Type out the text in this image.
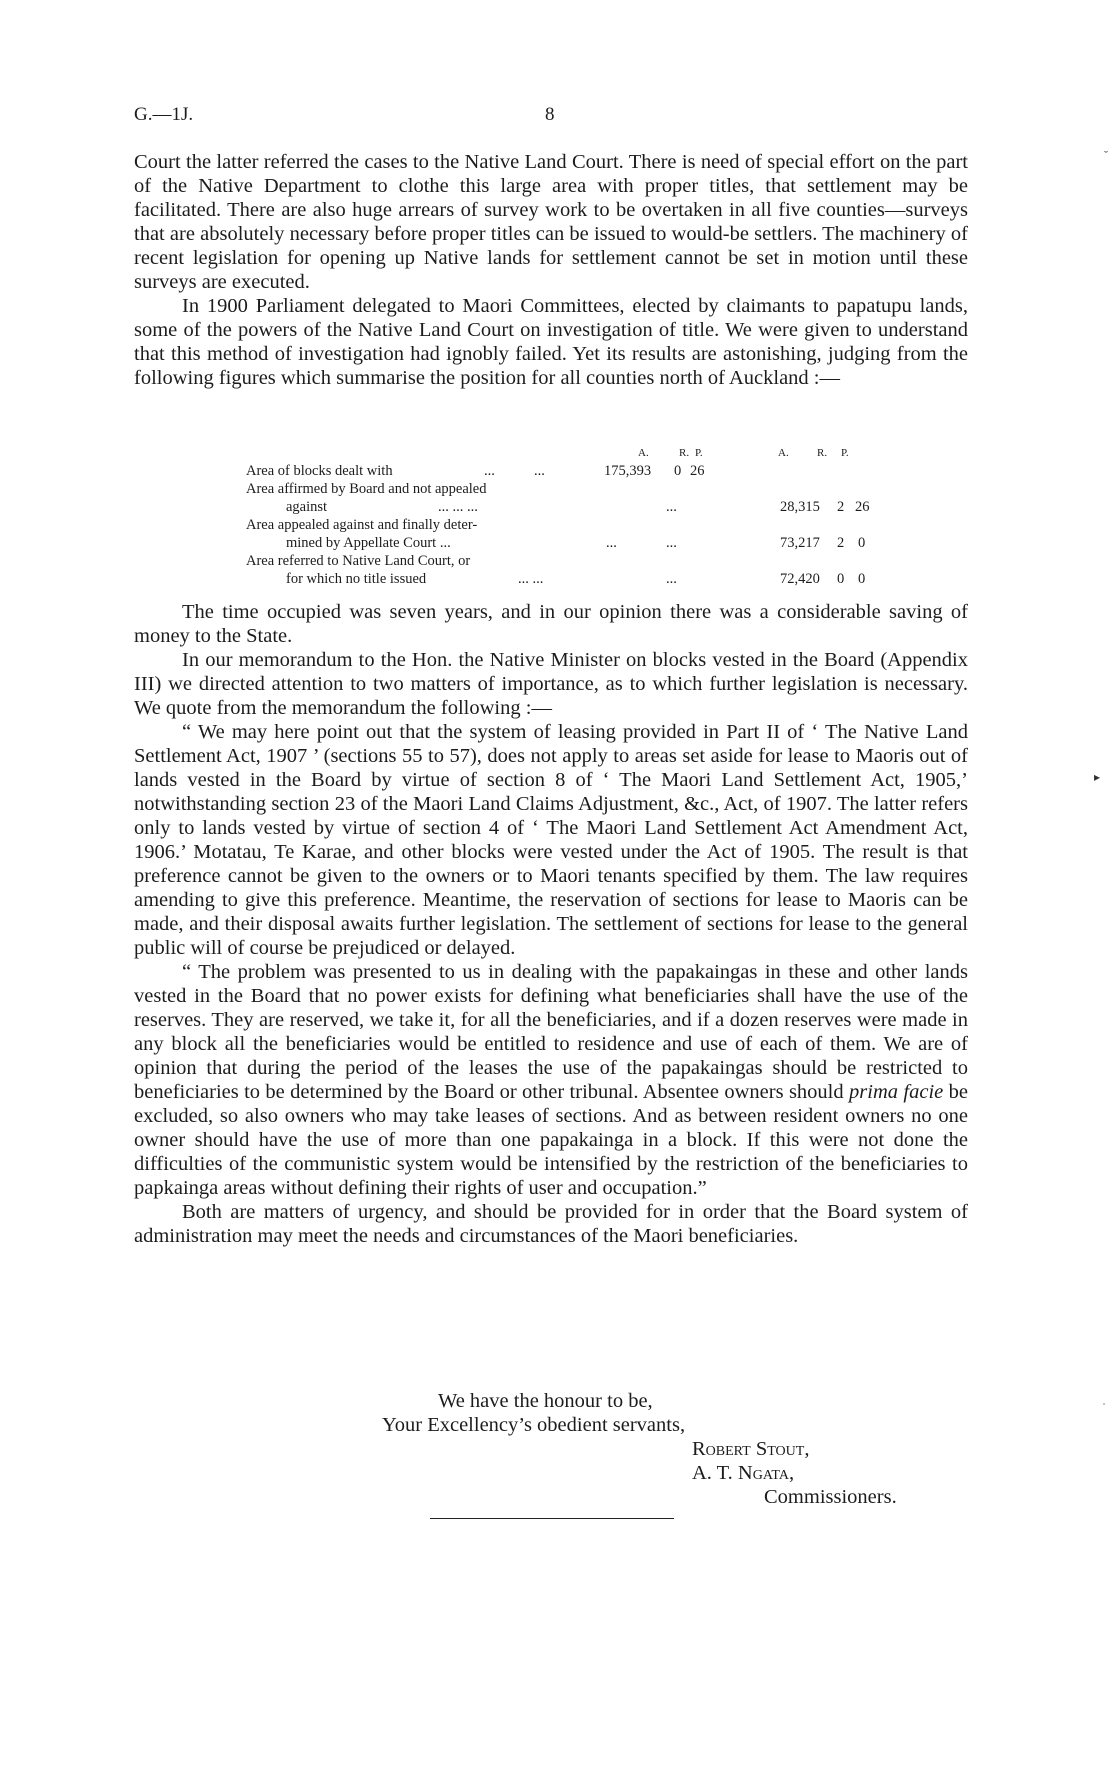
G.—1J.	8

Court the latter referred the cases to the Native Land Court. There is need of special effort on the part of the Native Department to clothe this large area with proper titles, that settlement may be facilitated. There are also huge arrears of survey work to be overtaken in all five counties—surveys that are absolutely necessary before proper titles can be issued to would-be settlers. The machinery of recent legislation for opening up Native lands for settlement cannot be set in motion until these surveys are executed.

In 1900 Parliament delegated to Maori Committees, elected by claimants to papatupu lands, some of the powers of the Native Land Court on investigation of title. We were given to understand that this method of investigation had ignobly failed. Yet its results are astonishing, judging from the following figures which summarise the position for all counties north of Auckland :—

A.	R. P.	A.	R. P.
Area of blocks dealt with	...	...	175,393 0 26
Area affirmed by Board and not appealed
against	... ... ...	...	28,315 2 26
Area appealed against and finally deter-
mined by Appellate Court ...	...	...	73,217 2 0
Area referred to Native Land Court, or
for which no title issued	... ...	...	72,420 0 0

The time occupied was seven years, and in our opinion there was a considerable saving of money to the State.

In our memorandum to the Hon. the Native Minister on blocks vested in the Board (Appendix III) we directed attention to two matters of importance, as to which further legislation is necessary. We quote from the memorandum the following :—

“ We may here point out that the system of leasing provided in Part II of ‘ The Native Land Settlement Act, 1907 ’ (sections 55 to 57), does not apply to areas set aside for lease to Maoris out of lands vested in the Board by virtue of section 8 of ‘ The Maori Land Settlement Act, 1905,’ notwithstanding section 23 of the Maori Land Claims Adjustment, &c., Act, of 1907. The latter refers only to lands vested by virtue of section 4 of ‘ The Maori Land Settlement Act Amendment Act, 1906.’ Motatau, Te Karae, and other blocks were vested under the Act of 1905. The result is that preference cannot be given to the owners or to Maori tenants specified by them. The law requires amending to give this preference. Meantime, the reservation of sections for lease to Maoris can be made, and their disposal awaits further legislation. The settlement of sections for lease to the general public will of course be prejudiced or delayed.

“ The problem was presented to us in dealing with the papakaingas in these and other lands vested in the Board that no power exists for defining what beneficiaries shall have the use of the reserves. They are reserved, we take it, for all the beneficiaries, and if a dozen reserves were made in any block all the beneficiaries would be entitled to residence and use of each of them. We are of opinion that during the period of the leases the use of the papakaingas should be restricted to beneficiaries to be determined by the Board or other tribunal. Absentee owners should prima facie be excluded, so also owners who may take leases of sections. And as between resident owners no one owner should have the use of more than one papakainga in a block. If this were not done the difficulties of the communistic system would be intensified by the restriction of the beneficiaries to papkainga areas without defining their rights of user and occupation.”

Both are matters of urgency, and should be provided for in order that the Board system of administration may meet the needs and circumstances of the Maori beneficiaries.

We have the honour to be,
Your Excellency’s obedient servants,
Robert Stout,
A. T. Ngata,
Commissioners.
˘
▸
˙
